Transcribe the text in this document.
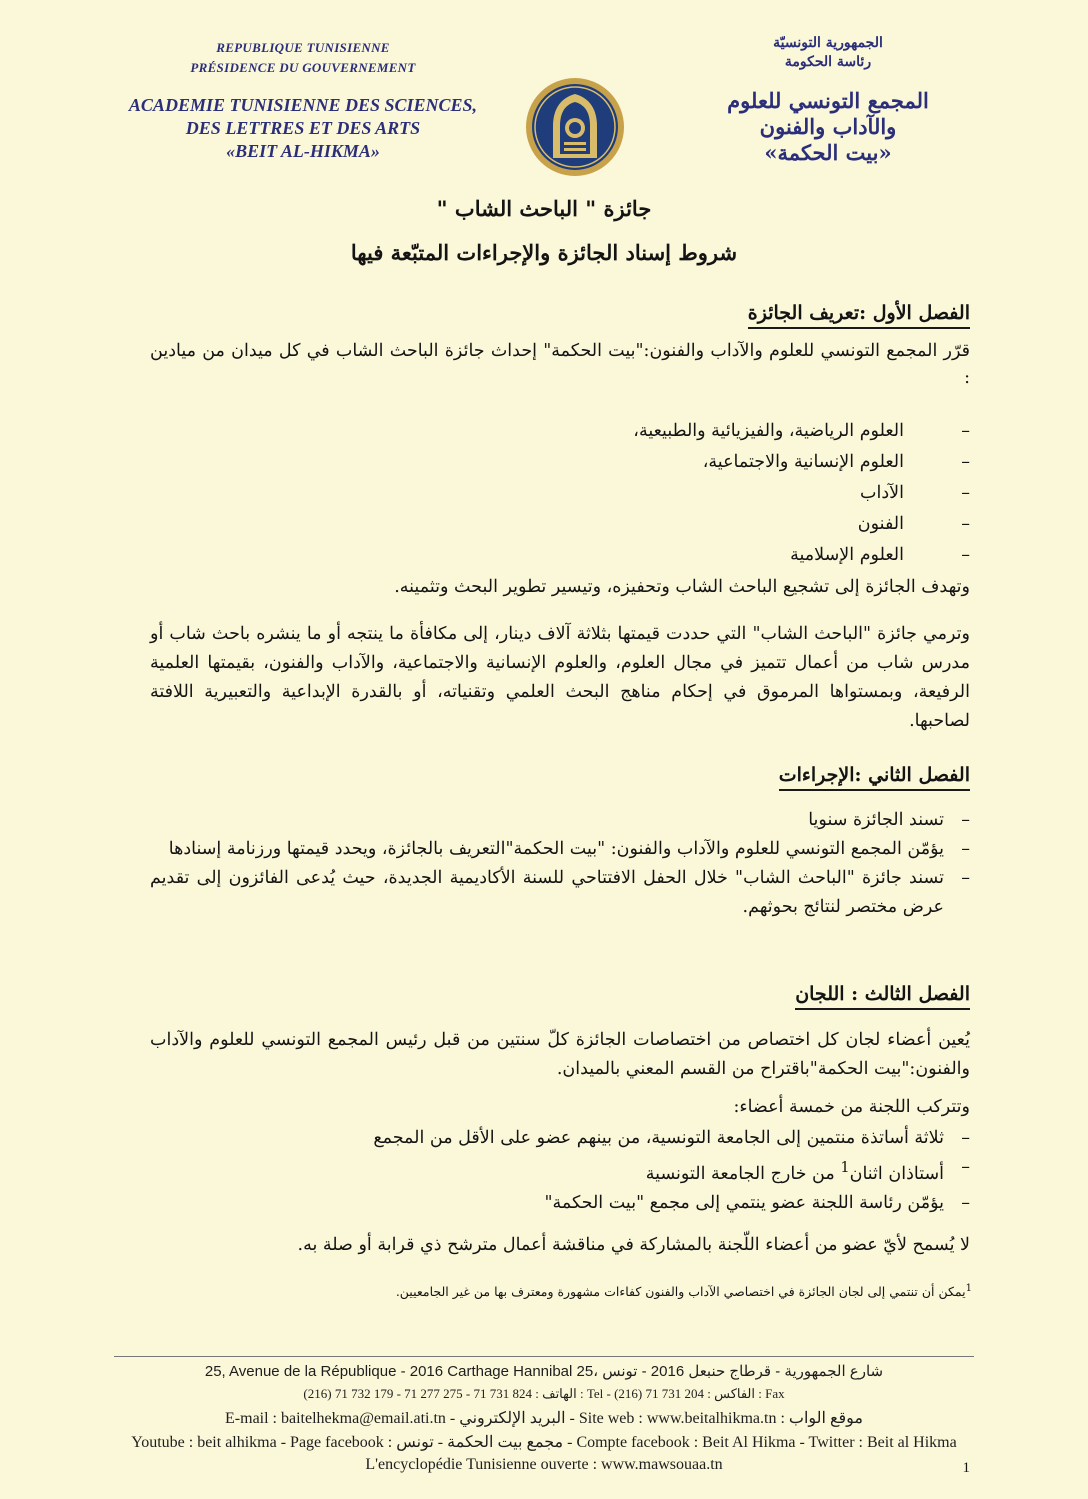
REPUBLIQUE TUNISIENNE
PRÉSIDENCE DU GOUVERNEMENT
ACADEMIE TUNISIENNE DES SCIENCES,
DES LETTRES ET DES ARTS
«BEIT AL-HIKMA»
الجمهورية التونسيّة
رئاسة الحكومة
المجمع التونسي للعلوم
والآداب والفنون
«بيت الحكمة»
جائزة " الباحث الشاب "
شروط إسناد الجائزة والإجراءات المتبّعة فيها
الفصل الأول :تعريف الجائزة
قرّر المجمع التونسي للعلوم والآداب والفنون:"بيت الحكمة" إحداث جائزة الباحث الشاب في كل ميدان من ميادين :
– العلوم الرياضية، والفيزيائية والطبيعية،
– العلوم الإنسانية والاجتماعية،
– الآداب
– الفنون
– العلوم الإسلامية
وتهدف الجائزة إلى تشجيع الباحث الشاب وتحفيزه، وتيسير تطوير البحث وتثمينه.
وترمي جائزة "الباحث الشاب" التي حددت قيمتها بثلاثة آلاف دينار، إلى مكافأة ما ينتجه أو ما ينشره باحث شاب أو مدرس شاب من أعمال تتميز في مجال العلوم، والعلوم الإنسانية والاجتماعية، والآداب والفنون، بقيمتها العلمية الرفيعة، وبمستواها المرموق في إحكام مناهج البحث العلمي وتقنياته، أو بالقدرة الإبداعية والتعبيرية اللافتة لصاحبها.
الفصل الثاني :الإجراءات
– تسند الجائزة سنويا
– يؤمّن المجمع التونسي للعلوم والآداب والفنون: "بيت الحكمة"التعريف بالجائزة، ويحدد قيمتها ورزنامة إسنادها
– تسند جائزة "الباحث الشاب" خلال الحفل الافتتاحي للسنة الأكاديمية الجديدة، حيث يُدعى الفائزون إلى تقديم عرض مختصر لنتائج بحوثهم.
الفصل الثالث : اللجان
يُعين أعضاء لجان كل اختصاص من اختصاصات الجائزة كلّ سنتين من قبل رئيس المجمع التونسي للعلوم والآداب والفنون:"بيت الحكمة"باقتراح من القسم المعني بالميدان.
وتتركب اللجنة من خمسة أعضاء:
– ثلاثة أساتذة منتمين إلى الجامعة التونسية، من بينهم عضو على الأقل من المجمع
– أستاذان اثنان$^1$ من خارج الجامعة التونسية
– يؤمّن رئاسة اللجنة عضو ينتمي إلى مجمع "بيت الحكمة"
لا يُسمح لأيّ عضو من أعضاء اللّجنة بالمشاركة في مناقشة أعمال مترشح ذي قرابة أو صلة به.
$^1$يمكن أن تنتمي إلى لجان الجائزة في اختصاصي الآداب والفنون كفاءات مشهورة ومعترف بها من غير الجامعيين.
25, Avenue de la République - 2016 Carthage Hannibal 25، شارع الجمهورية - قرطاج حنبعل 2016 - تونس
الهاتف : 824 731 71 - 275 277 71 - 179 732 71 (216) : Tel - الفاكس : 204 731 71 (216) : Fax
E-mail : baitelhekma@email.ati.tn - البريد الإلكتروني - Site web : www.beitalhikma.tn : موقع الواب
Youtube : beit alhikma - Page facebook : مجمع بيت الحكمة - تونس - Compte facebook : Beit Al Hikma - Twitter : Beit al Hikma
L'encyclopédie Tunisienne ouverte : www.mawsouaa.tn	1
